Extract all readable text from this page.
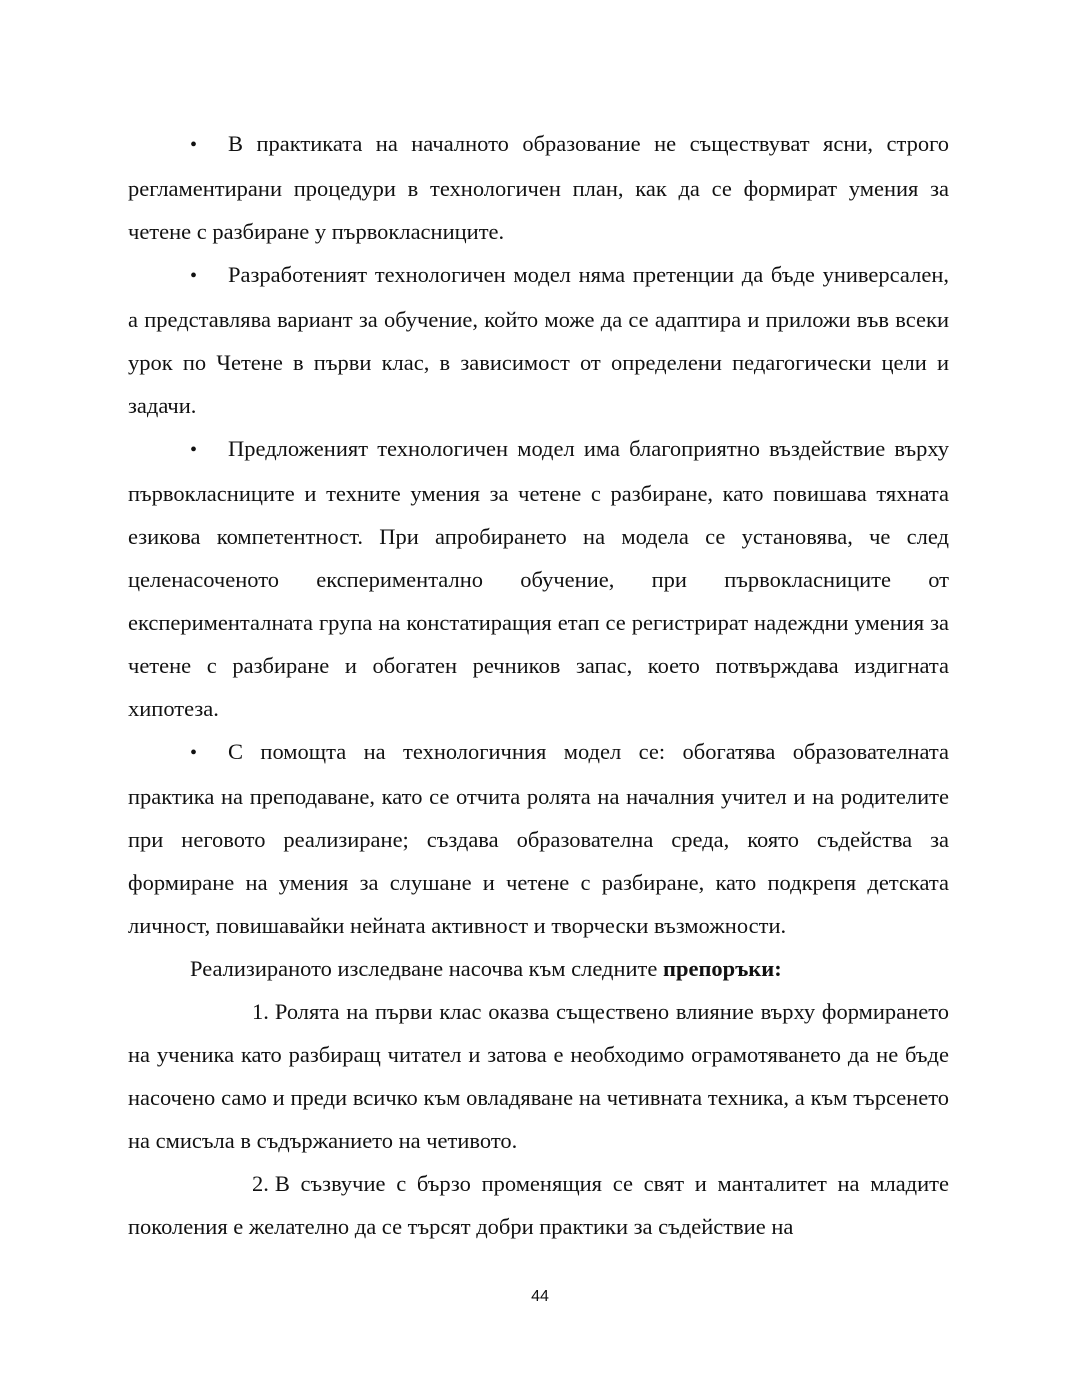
• В практиката на началното образование не съществуват ясни, строго регламентирани процедури в технологичен план, как да се формират умения за четене с разбиране у първокласниците.

• Разработеният технологичен модел няма претенции да бъде универсален, а представлява вариант за обучение, който може да се адаптира и приложи във всеки урок по Четене в първи клас, в зависимост от определени педагогически цели и задачи.

• Предложеният технологичен модел има благоприятно въздействие върху първокласниците и техните умения за четене с разбиране, като повишава тяхната езикова компетентност. При апробирането на модела се установява, че след целенасоченото експериментално обучение, при първокласниците от експерименталната група на констатиращия етап се регистрират надеждни умения за четене с разбиране и обогатен речников запас, което потвърждава издигната хипотеза.

• С помощта на технологичния модел се: обогатява образователната практика на преподаване, като се отчита ролята на началния учител и на родителите при неговото реализиране; създава образователна среда, която съдейства за формиране на умения за слушане и четене с разбиране, като подкрепя детската личност, повишавайки нейната активност и творчески възможности.

Реализираното изследване насочва към следните препоръки:

1. Ролята на първи клас оказва съществено влияние върху формирането на ученика като разбиращ читател и затова е необходимо ограмотяването да не бъде насочено само и преди всичко към овладяване на четивната техника, а към търсенето на смисъла в съдържанието на четивото.

2. В съзвучие с бързо променящия се свят и манталитет на младите поколения е желателно да се търсят добри практики за съдействие на

44
